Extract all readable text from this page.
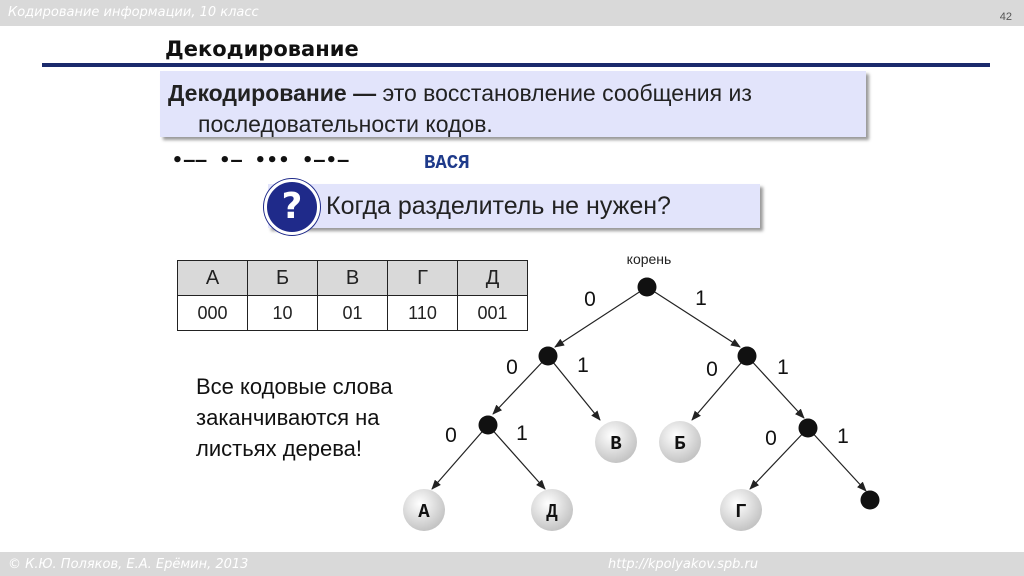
Кодирование информации, 10 класс	42
Декодирование
Декодирование — это восстановление сообщения из
последовательности кодов.
•–– •– ••• •–•–	ВАСЯ
Когда разделитель не нужен?
?
А	Б	В	Г	Д
000	10	01	110	001
Все кодовые слова
заканчиваются на
листьях дерева!	В	Б
А	Д	Г
0	1
0	1	0	1
0	1	0	1
корень
© К.Ю. Поляков, Е.А. Ерёмин, 2013	http://kpolyakov.spb.ru
